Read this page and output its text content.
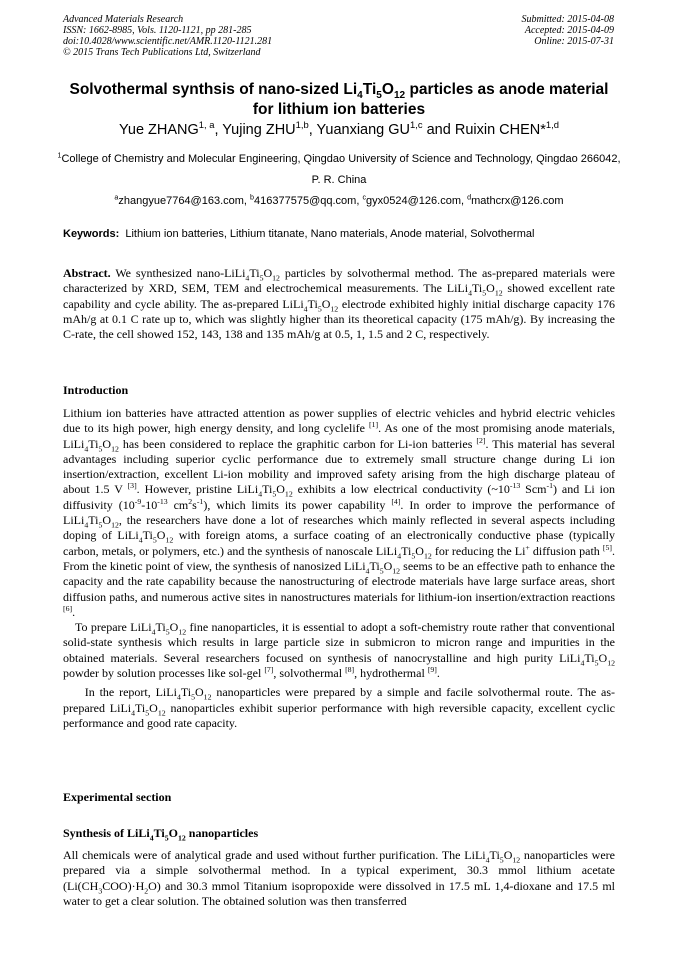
Advanced Materials Research
ISSN: 1662-8985, Vols. 1120-1121, pp 281-285
doi:10.4028/www.scientific.net/AMR.1120-1121.281
© 2015 Trans Tech Publications Ltd, Switzerland
Submitted: 2015-04-08
Accepted: 2015-04-09
Online: 2015-07-31
Solvothermal synthsis of nano-sized $Li_4Ti_5O_{12}$ particles as anode material for lithium ion batteries
Yue ZHANG$^{1, a}$, Yujing ZHU$^{1,b}$, Yuanxiang GU$^{1,c}$ and Ruixin CHEN*$^{1,d}$
$^1$College of Chemistry and Molecular Engineering, Qingdao University of Science and Technology, Qingdao 266042, P. R. China
$^a$zhangyue7764@163.com, $^b$416377575@qq.com, $^c$gyx0524@126.com, $^d$mathcrx@126.com
Keywords: Lithium ion batteries, Lithium titanate, Nano materials, Anode material, Solvothermal
Abstract. We synthesized nano-$LiLi_4Ti_5O_{12}$ particles by solvothermal method. The as-prepared materials were characterized by XRD, SEM, TEM and electrochemical measurements. The $LiLi_4Ti_5O_{12}$ showed excellent rate capability and cycle ability. The as-prepared $LiLi_4Ti_5O_{12}$ electrode exhibited highly initial discharge capacity 176 mAh/g at 0.1 C rate up to, which was slightly higher than its theoretical capacity (175 mAh/g). By increasing the C-rate, the cell showed 152, 143, 138 and 135 mAh/g at 0.5, 1, 1.5 and 2 C, respectively.
Introduction

Lithium ion batteries have attracted attention as power supplies of electric vehicles and hybrid electric vehicles due to its high power, high energy density, and long cyclelife [1]. As one of the most promising anode materials, $LiLi_4Ti_5O_{12}$ has been considered to replace the graphitic carbon for Li-ion batteries [2]. This material has several advantages including superior cyclic performance due to extremely small structure change during Li ion insertion/extraction, excellent Li-ion mobility and improved safety arising from the high discharge plateau of about 1.5 V [3]. However, pristine $LiLi_4Ti_5O_{12}$ exhibits a low electrical conductivity ($\sim 10^{-13}$ Scm$^{-1}$) and Li ion diffusivity ($10^{-9}-10^{-13}$ $cm^2s^{-1}$), which limits its power capability [4]. In order to improve the performance of $LiLi_4Ti_5O_{12}$, the researchers have done a lot of researches which mainly reflected in several aspects including doping of $LiLi_4Ti_5O_{12}$ with foreign atoms, a surface coating of an electronically conductive phase (typically carbon, metals, or polymers, etc.) and the synthesis of nanoscale $LiLi_4Ti_5O_{12}$ for reducing the Li+ diffusion path [5]. From the kinetic point of view, the synthesis of nanosized $LiLi_4Ti_5O_{12}$ seems to be an effective path to enhance the capacity and the rate capability because the nanostructuring of electrode materials have large surface areas, short diffusion paths, and numerous active sites in nanostructures materials for lithium-ion insertion/extraction reactions [6].

To prepare $LiLi_4Ti_5O_{12}$ fine nanoparticles, it is essential to adopt a soft-chemistry route rather that conventional solid-state synthesis which results in large particle size in submicron to micron range and impurities in the obtained materials. Several researchers focused on synthesis of nanocrystalline and high purity $LiLi_4Ti_5O_{12}$ powder by solution processes like sol-gel [7], solvothermal [8], hydrothermal [9].

In the report, $LiLi_4Ti_5O_{12}$ nanoparticles were prepared by a simple and facile solvothermal route. The as-prepared $LiLi_4Ti_5O_{12}$ nanoparticles exhibit superior performance with high reversible capacity, excellent cyclic performance and good rate capacity.

Experimental section
Synthesis of $LiLi_4Ti_5O_{12}$ nanoparticles
All chemicals were of analytical grade and used without further purification. The $LiLi_4Ti_5O_{12}$ nanoparticles were prepared via a simple solvothermal method. In a typical experiment, 30.3 mmol lithium acetate $(Li(CH_3COO)\cdot H_2O)$ and 30.3 mmol Titanium isopropoxide were dissolved in 17.5 mL 1,4-dioxane and 17.5 ml water to get a clear solution. The obtained solution was then transferred
